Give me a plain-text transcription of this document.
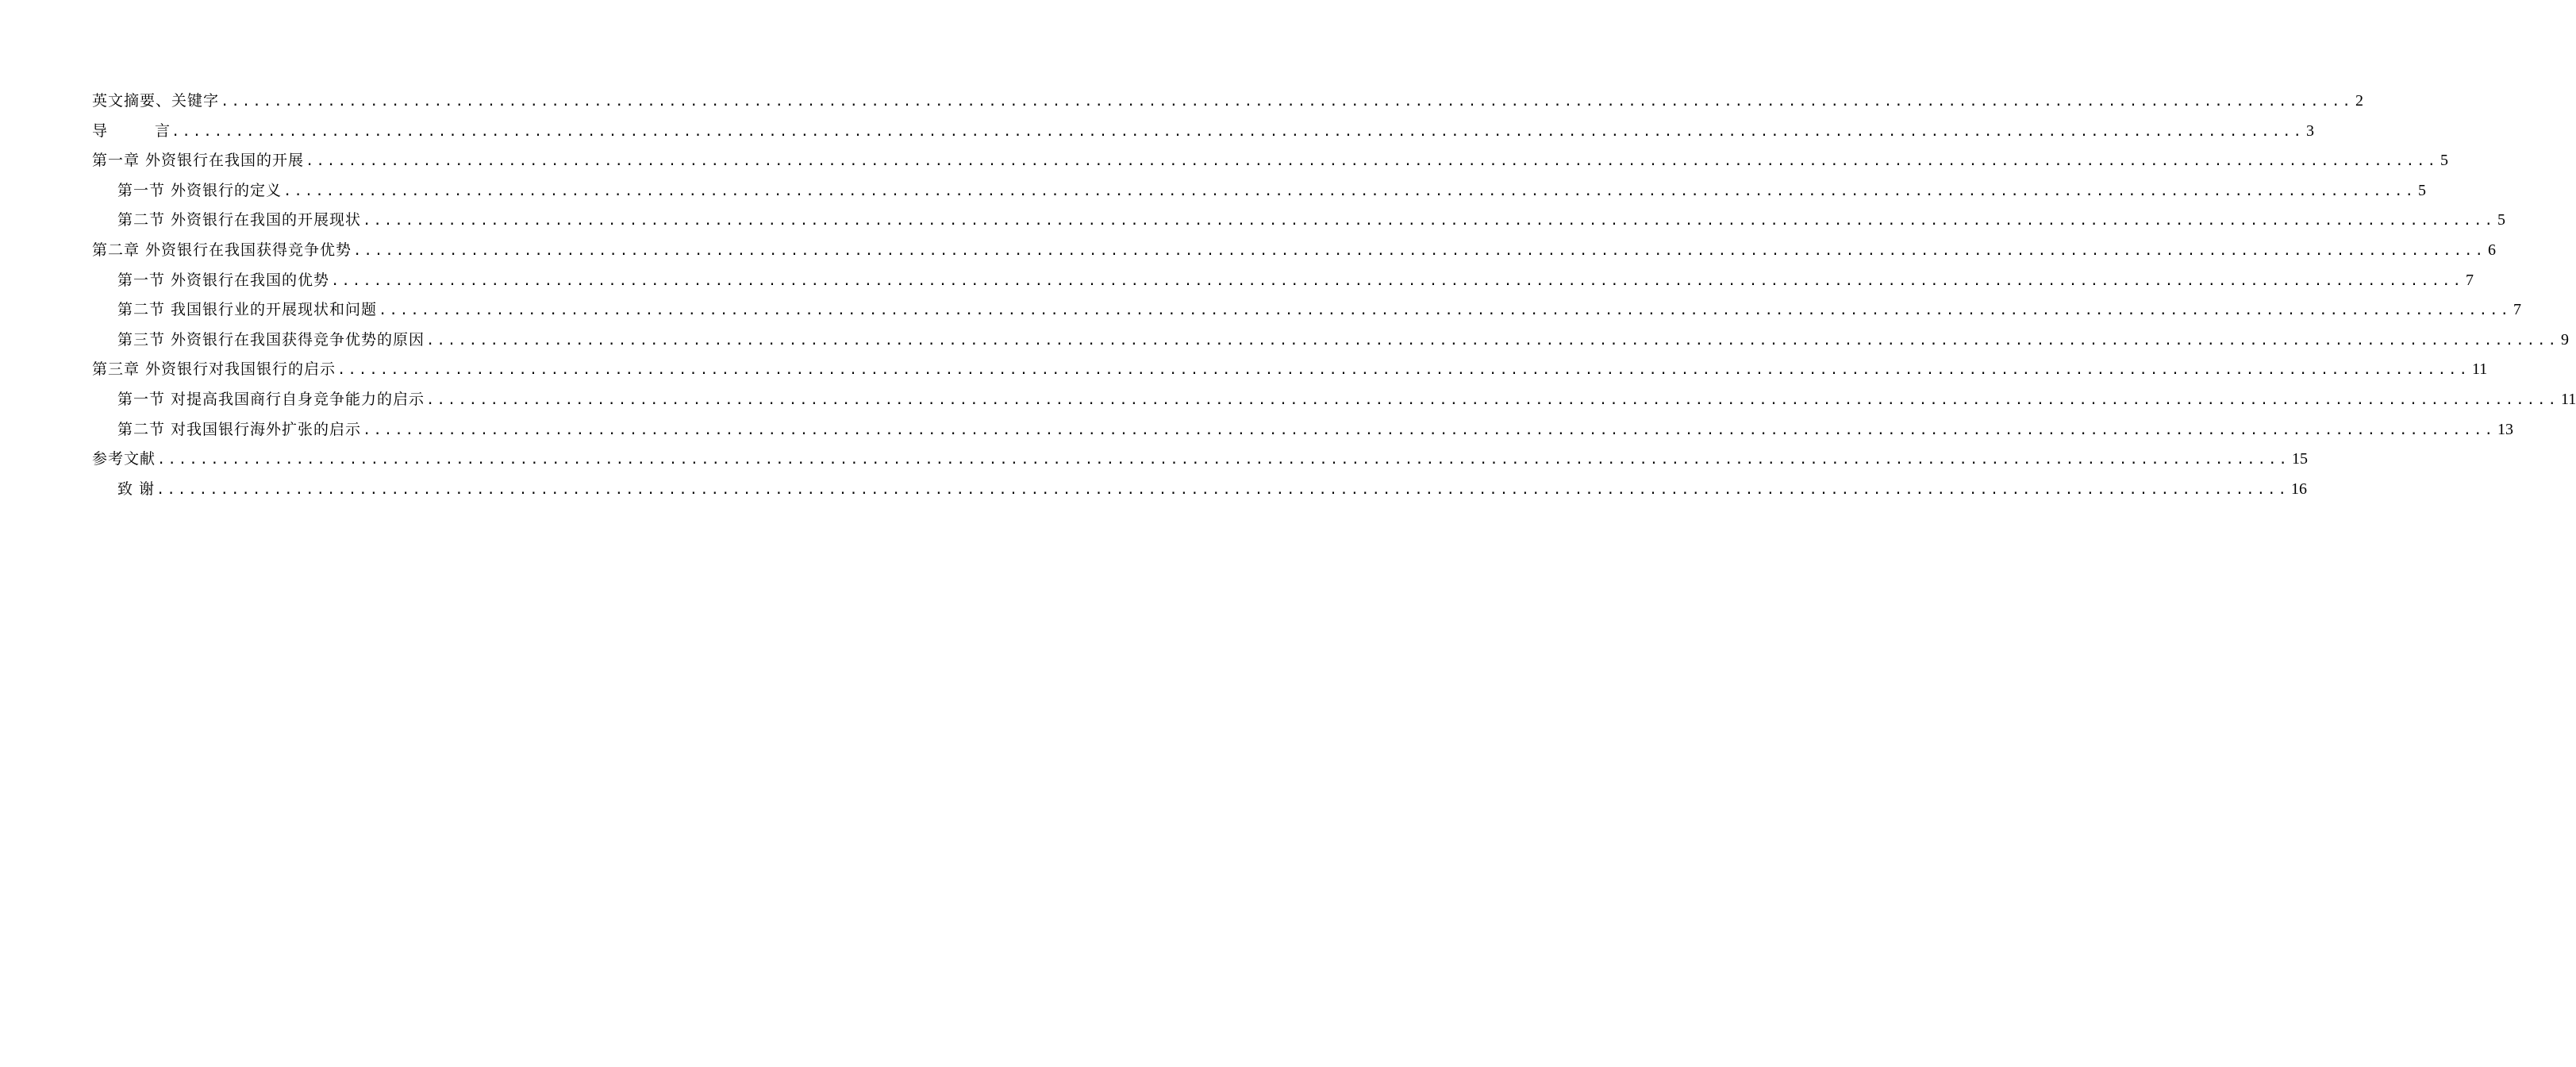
英文摘要、关键字 ........................................................................................................................................................................................................ 2
导	言 ........................................................................................................................................................................................................ 3
第一章 外资银行在我国的开展 ........................................................................................................................................................................................................ 5
第一节 外资银行的定义 ........................................................................................................................................................................................................ 5
第二节 外资银行在我国的开展现状 ........................................................................................................................................................................................................ 5
第二章 外资银行在我国获得竞争优势 ........................................................................................................................................................................................................ 6
第一节 外资银行在我国的优势 ........................................................................................................................................................................................................ 7
第二节 我国银行业的开展现状和问题 ........................................................................................................................................................................................................ 7
第三节 外资银行在我国获得竞争优势的原因 ........................................................................................................................................................................................................ 9
第三章 外资银行对我国银行的启示 ........................................................................................................................................................................................................ 11
第一节 对提高我国商行自身竞争能力的启示 ........................................................................................................................................................................................................ 11
第二节 对我国银行海外扩张的启示 ........................................................................................................................................................................................................ 13
参考文献 ........................................................................................................................................................................................................ 15
致 谢 ........................................................................................................................................................................................................ 16
